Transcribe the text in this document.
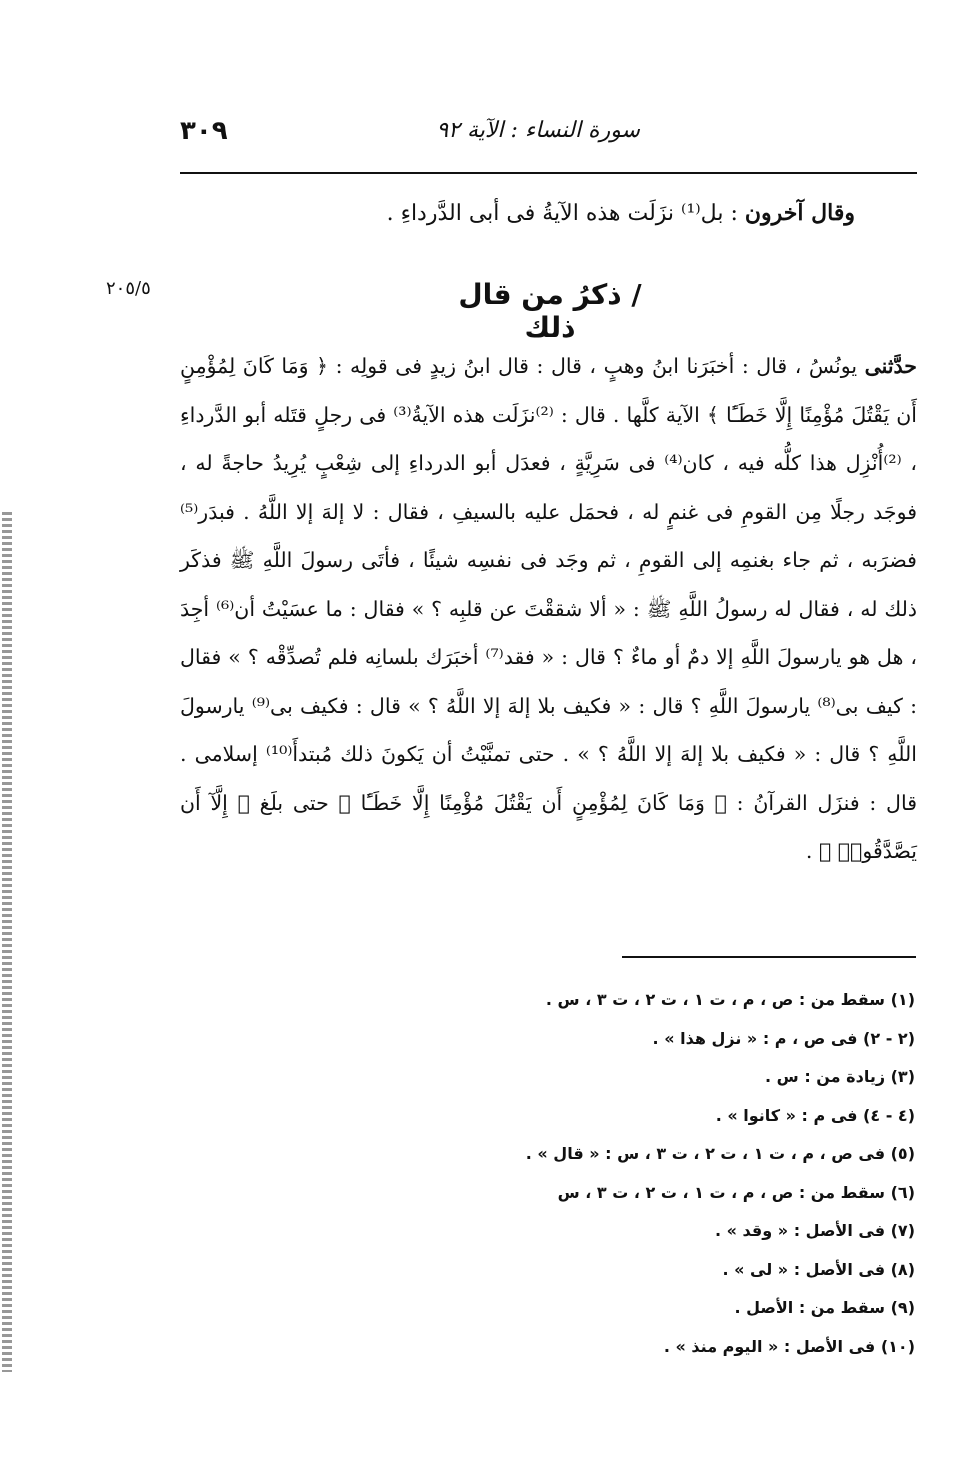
٣٠٩	سورة النساء : الآية ٩٢
وقال آخرون : بل⁽¹⁾ نزَلَت هذه الآيةُ فى أبى الدَّرداءِ .
٢٠٥/٥	/ ذكرُ من قال ذلك
حدَّثنى يونُسُ ، قال : أخبَرَنا ابنُ وهبٍ ، قال : قال ابنُ زيدٍ فى قولِه : ﴿ وَمَا كَانَ لِمُؤْمِنٍ أَن يَقْتُلَ مُؤْمِنًا إِلَّا خَطَـًٔا ﴾ الآية كلَّها . قال : ⁽²⁾نزَلَت هذه الآيةُ⁽³⁾ فى رجلٍ قتَله أبو الدَّرداءِ ، ⁽²⁾أُنْزِل هذا كلُّه فيه ، كان⁽⁴⁾ فى سَرِيَّةٍ ، فعدَل أبو الدرداءِ إلى شِعْبٍ يُرِيدُ حاجةً له ، فوجَد رجلًا مِن القومِ فى غنمٍ له ، فحمَل عليه بالسيفِ ، فقال : لا إلهَ إلا اللَّهُ . فبدَر⁽⁵⁾ فضرَبه ، ثم جاء بغنمِه إلى القومِ ، ثم وجَد فى نفسِه شيئًا ، فأتَى رسولَ اللَّهِ ﷺ فذكَر ذلك له ، فقال له رسولُ اللَّهِ ﷺ : « ألا شققْتَ عن قلبِه ؟ » فقال : ما عسَيْتُ أن⁽⁶⁾ أجِدَ ، هل هو يارسولَ اللَّهِ إلا دمٌ أو ماءٌ ؟ قال : « فقد⁽⁷⁾ أخبَرَك بلسانِه فلم تُصدِّقْه ؟ » فقال : كيف بى⁽⁸⁾ يارسولَ اللَّهِ ؟ قال : « فكيف بلا إلهَ إلا اللَّهُ ؟ » قال : فكيف بى⁽⁹⁾ يارسولَ اللَّهِ ؟ قال : « فكيف بلا إلهَ إلا اللَّهُ ؟ » . حتى تمنَّيْتُ أن يَكونَ ذلك مُبتدأَ⁽¹⁰⁾ إسلامى . قال : فنزَل القرآنُ : ﴿ وَمَا كَانَ لِمُؤْمِنٍ أَن يَقْتُلَ مُؤْمِنًا إِلَّا خَطَـًٔا ﴾ حتى بلَغ ﴿ إِلَّآ أَن يَصَّدَّقُوا۟ ﴾ .
(١) سقط من : ص ، م ، ت ١ ، ت ٢ ، ت ٣ ، س .
(٢ - ٢) فى ص ، م : « نزل هذا » .
(٣) زيادة من : س .
(٤ - ٤) فى م : « كانوا » .
(٥) فى ص ، م ، ت ١ ، ت ٢ ، ت ٣ ، س : « قال » .
(٦) سقط من : ص ، م ، ت ١ ، ت ٢ ، ت ٣ ، س
(٧) فى الأصل : « وقد » .
(٨) فى الأصل : « لى » .
(٩) سقط من : الأصل .
(١٠) فى الأصل : « اليوم منذ » .
